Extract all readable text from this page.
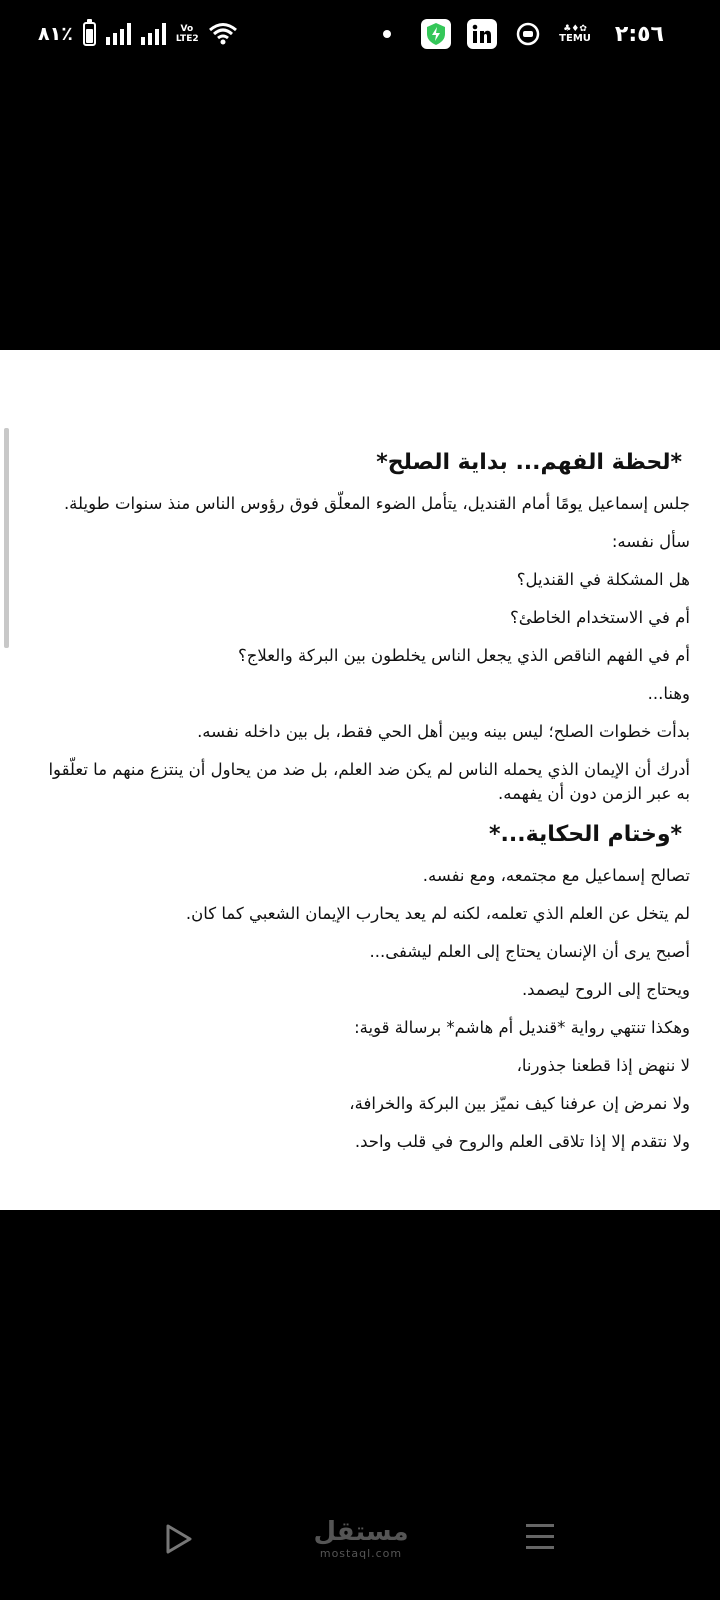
٨١٪	Vo LTE2
♣♦✿
TEMU ٢:٥٦
*لحظة الفهم... بداية الصلح*

جلس إسماعيل يومًا أمام القنديل، يتأمل الضوء المعلّق فوق رؤوس الناس منذ سنوات طويلة.

سأل نفسه:

هل المشكلة في القنديل؟

أم في الاستخدام الخاطئ؟

أم في الفهم الناقص الذي يجعل الناس يخلطون بين البركة والعلاج؟

وهنا...

بدأت خطوات الصلح؛ ليس بينه وبين أهل الحي فقط، بل بين داخله نفسه.

أدرك أن الإيمان الذي يحمله الناس لم يكن ضد العلم، بل ضد من يحاول أن ينتزع منهم ما تعلّقوا به عبر الزمن دون أن يفهمه.

*وختام الحكاية...*

تصالح إسماعيل مع مجتمعه، ومع نفسه.

لم يتخل عن العلم الذي تعلمه، لكنه لم يعد يحارب الإيمان الشعبي كما كان.

أصبح يرى أن الإنسان يحتاج إلى العلم ليشفى...

ويحتاج إلى الروح ليصمد.

وهكذا تنتهي رواية *قنديل أم هاشم* برسالة قوية:

لا ننهض إذا قطعنا جذورنا،

ولا نمرض إن عرفنا كيف نميّز بين البركة والخرافة،

ولا نتقدم إلا إذا تلاقى العلم والروح في قلب واحد.

مستقل
mostaql.com
